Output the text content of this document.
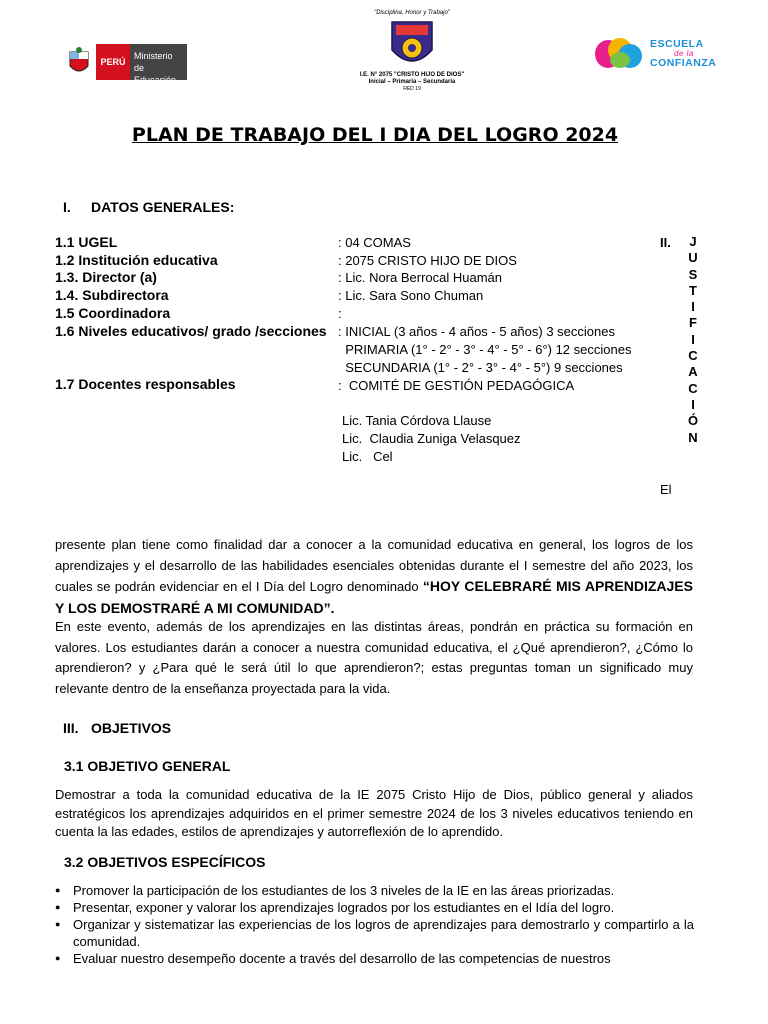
PERÚ
Ministerio
de Educación
"Disciplina, Honor y Trabajo"
I.E. N° 2075 "CRISTO HIJO DE DIOS"
Inicial – Primaria – Secundaria
RED 19
ESCUELA
de la
CONFIANZA
PLAN DE TRABAJO DEL I DIA DEL LOGRO 2024
I. DATOS GENERALES:
1.1 UGEL	: 04 COMAS
1.2 Institución educativa	: 2075 CRISTO HIJO DE DIOS
1.3. Director (a)	: Lic. Nora Berrocal Huamán
1.4. Subdirectora	: Lic. Sara Sono Chuman
1.5 Coordinadora	:
1.6 Niveles educativos/ grado /secciones : INICIAL (3 años - 4 años - 5 años) 3 secciones
PRIMARIA (1° - 2° - 3° - 4° - 5° - 6°) 12 secciones
SECUNDARIA (1° - 2° - 3° - 4° - 5°) 9 secciones
1.7 Docentes responsables	:  COMITÉ DE GESTIÓN PEDAGÓGICA
Lic. Tania Córdova Llause
Lic.  Claudia Zuniga Velasquez
Lic.   Cel
II. J
U
S
T
I
F
I
C
A
C
I
Ó
N
El
presente plan tiene como finalidad dar a conocer a la comunidad educativa en general, los logros de los aprendizajes y el desarrollo de las habilidades esenciales obtenidas durante el I semestre del año 2023, los cuales se podrán evidenciar en el I Día del Logro denominado “HOY CELEBRARÉ MIS APRENDIZAJES Y LOS DEMOSTRARÉ A MI COMUNIDAD”.
En este evento, además de los aprendizajes en las distintas áreas, pondrán en práctica su formación en valores. Los estudiantes darán a conocer a nuestra comunidad educativa, el ¿Qué aprendieron?, ¿Cómo lo aprendieron? y ¿Para qué le será útil lo que aprendieron?; estas preguntas toman un significado muy relevante dentro de la enseñanza proyectada para la vida.
III. OBJETIVOS
3.1 OBJETIVO GENERAL
Demostrar a toda la comunidad educativa de la IE 2075 Cristo Hijo de Dios, público general y aliados estratégicos los aprendizajes adquiridos en el primer semestre 2024 de los 3 niveles educativos teniendo en cuenta la las edades, estilos de aprendizajes y autorreflexión de lo aprendido.
3.2 OBJETIVOS ESPECÍFICOS
● Promover la participación de los estudiantes de los 3 niveles de la IE en las áreas priorizadas.
● Presentar, exponer y valorar los aprendizajes logrados por los estudiantes en el Idía del logro.
● Organizar y sistematizar las experiencias de los logros de aprendizajes para demostrarlo y compartirlo a la comunidad.
● Evaluar nuestro desempeño docente a través del desarrollo de las competencias de nuestros
